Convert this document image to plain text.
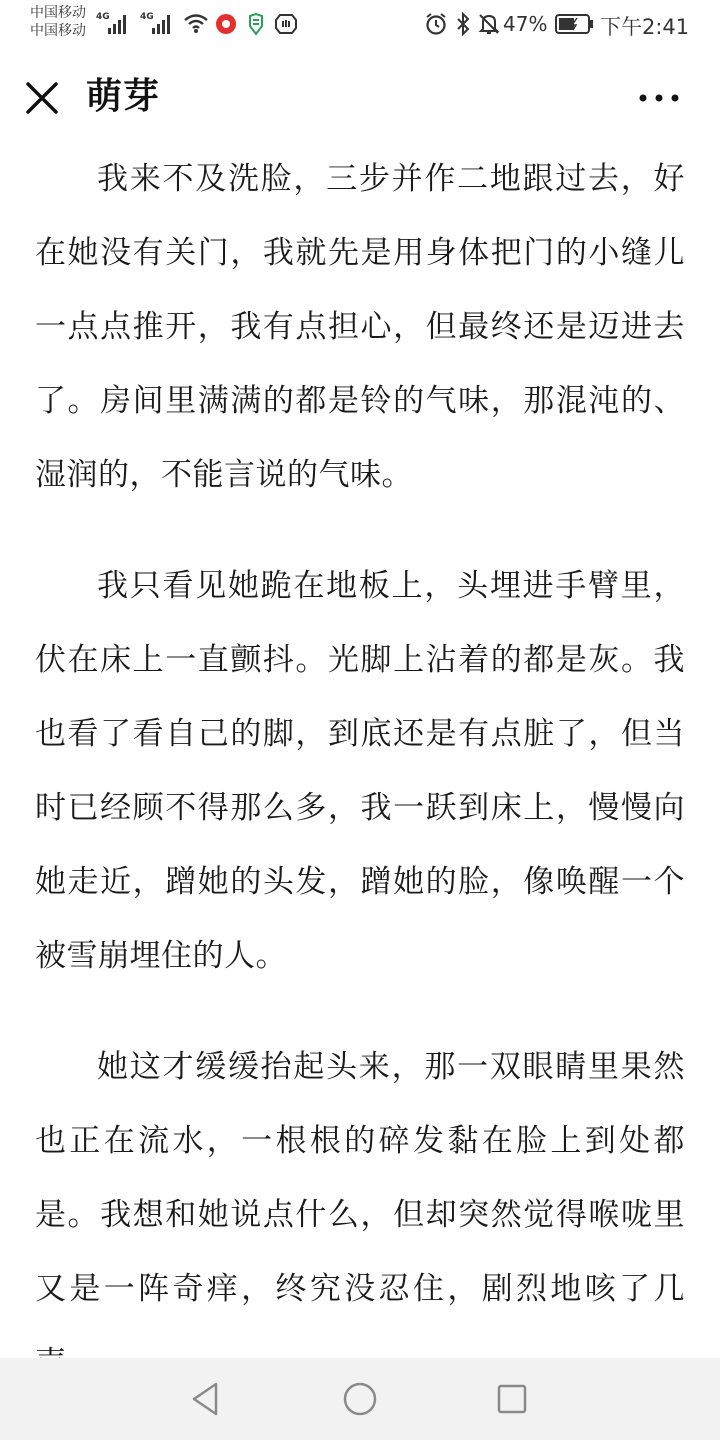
中国移动
中国移动
4G	4G	47%	下午2:41
萌芽

我来不及洗脸，三步并作二地跟过去，好在她没有关门，我就先是用身体把门的小缝儿一点点推开，我有点担心，但最终还是迈进去了。房间里满满的都是铃的气味，那混沌的、湿润的，不能言说的气味。

我只看见她跪在地板上，头埋进手臂里，伏在床上一直颤抖。光脚上沾着的都是灰。我也看了看自己的脚，到底还是有点脏了，但当时已经顾不得那么多，我一跃到床上，慢慢向她走近，蹭她的头发，蹭她的脸，像唤醒一个被雪崩埋住的人。

她这才缓缓抬起头来，那一双眼睛里果然也正在流水，一根根的碎发黏在脸上到处都是。我想和她说点什么，但却突然觉得喉咙里又是一阵奇痒，终究没忍住，剧烈地咳了几
